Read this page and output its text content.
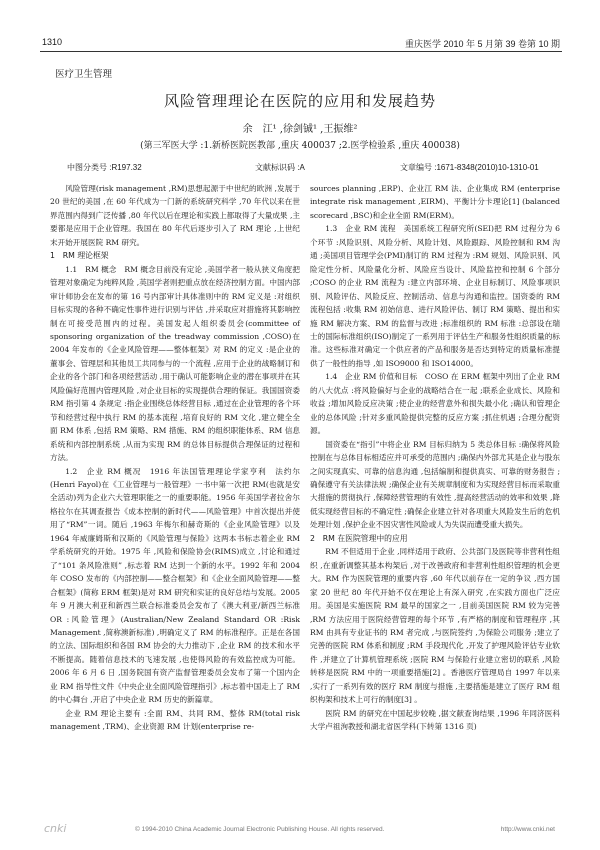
1310	重庆医学 2010 年 5 月第 39 卷第 10 期
医疗卫生管理
风险管理理论在医院的应用和发展趋势
余　江¹ ,徐剑铖¹ ,王振维²
(第三军医大学 :1.新桥医院医教部 ,重庆 400037 ;2.医学检验系 ,重庆 400038)
中图分类号 :R197.32	文献标识码 :A	文章编号 :1671-8348(2010)10-1310-01

风险管理(risk management ,RM)思想起源于中世纪的欧洲 ,发展于 20 世纪的美国 ,在 60 年代成为一门新的系统研究科学 ,70 年代以来在世界范围内得到广泛传播 ,80 年代以后在理论和实践上都取得了大量成果 ,主要都是应用于企业管理。我国在 80 年代后逐步引入了 RM 理论 ,上世纪末开始开展医院 RM 研究。

1　RM 理论框架

1.1　RM 概念　RM 概念目前没有定论 ,美国学者一般从狭义角度把管理对象确定为纯粹风险 ,英国学者则把重点放在经济控制方面。中国内部审计师协会在发布的第 16 号内部审计具体准则中的 RM 定义是 :对组织目标实现的各种不确定性事件进行识别与评估 ,并采取应对措施将其影响控制在可接受范围内的过程。美国发起人组织委员会(committee of sponsoring organization of the treadway commission ,COSO)在 2004 年发布的《企业风险管理——整体框架》对 RM 的定义 :是企业的董事会、管理层和其他员工共同参与的一个流程 ,应用于企业的战略制订和企业的各个部门和各项经营活动 ,用于确认可能影响企业的潜在事项并在其风险偏好范围内管理风险 ,对企业目标的实现提供合理的保证。我国国资委 RM 指引第 4 条规定 :指企业围绕总体经营目标 ,通过在企业管理的各个环节和经营过程中执行 RM 的基本流程 ,培育良好的 RM 文化 ,建立健全全面 RM 体系 ,包括 RM 策略、RM 措施、RM 的组织职能体系、RM 信息系统和内部控制系统 ,从而为实现 RM 的总体目标提供合理保证的过程和方法。

1.2　企业 RM 概况　1916 年法国管理理论学家亨利　法约尔(Henri Fayol)在《工业管理与一般管理》一书中第一次把 RM(也就是安全活动)列为企业六大管理职能之一的重要职能。1956 年美国学者拉舍尔　格拉尔在其调查报告《成本控制的新时代——风险管理》中首次提出并使用了“RM”一词。随后 ,1963 年梅尔和赫奇斯的《企业风险管理》以及 1964 年威廉姆斯和汉斯的《风险管理与保险》这两本书标志着企业 RM 学系统研究的开始。1975 年 ,风险和保险协会(RIMS)成立 ,讨论和通过了“101 条风险准则” ,标志着 RM 达到一个新的水平。1992 年和 2004 年 COSO 发布的《内部控制——整合框架》和《企业全面风险管理——整合框架》(简称 ERM 框架)是对 RM 研究和实证的良好总结与发展。2005 年 9 月澳大利亚和新西兰联合标准委员会发布了《澳大利亚/新西兰标准 OR :风险管理》(Australian/New Zealand Standard OR :Risk Management ,简称澳新标准) ,明确定义了 RM 的标准程序。正是在各国的立法、国际组织和各国 RM 协会的大力推动下 ,企业 RM 的技术和水平不断提高。随着信息技术的飞速发展 ,也使得风险的有效监控成为可能。2006 年 6 月 6 日 ,国务院国有资产监督管理委员会发布了第一个国内企业 RM 指导性文件《中央企业全面风险管理指引》,标志着中国走上了 RM 的中心舞台 ,开启了中央企业 RM 历史的新篇章。

企业 RM 理论主要有 :全面 RM、共同 RM、整体 RM(total risk management ,TRM)、企业资源 RM 计划(enterprise re-

sources planning ,ERP)、企业江 RM 法、企业集成 RM (enterprise integrate risk management ,EIRM)、平衡计分卡理论[1] (balanced scorecard ,BSC)和企业全面 RM(ERM)。

1.3　企业 RM 流程　美国系统工程研究所(SEI)把 RM 过程分为 6 个环节 :风险识别、风险分析、风险计划、风险跟踪、风险控制和 RM 沟通 ;美国项目管理学会(PMI)制订的 RM 过程为 :RM 规划、风险识别、风险定性分析、风险量化分析、风险应当设计、风险监控和控制 6 个部分 ;COSO 的企业 RM 流程为 :建立内部环境、企业目标制订、风险事项识别、风险评估、风险反应、控制活动、信息与沟通和监控。国资委的 RM 流程包括 :收集 RM 初始信息、进行风险评估、制订 RM 策略、提出和实施 RM 解决方案、RM 的监督与改进 ;标准组织的 RM 标准 :总部设在瑞士的国际标准组织(ISO)制定了一系列用于评估生产和服务性组织质量的标准。这些标准对确定一个供应者的产品和服务是否达到特定的质量标准提供了一般性的指导 ,如 ISO9000 和 ISO14000。

1.4　企业 RM 价值和目标　COSO 在 ERM 框架中列出了企业 RM 的八大优点 :将风险偏好与企业的战略结合在一起 ;联系企业成长、风险和收益 ;增加风险反应决策 ;使企业的经营意外和损失最小化 ;确认和管理企业的总体风险 ;针对多重风险提供完整的反应方案 ;抓住机遇 ;合理分配资源。

国资委在“指引”中将企业 RM 目标归纳为 5 类总体目标 :确保将风险控制在与总体目标相适应并可承受的范围内 ;确保内外部尤其是企业与股东之间实现真实、可靠的信息沟通 ,包括编制和提供真实、可靠的财务报告 ;确保遵守有关法律法规 ;确保企业有关规章制度和为实现经营目标而采取重大措施的贯彻执行 ,保障经营管理的有效性 ,提高经营活动的效率和效果 ,降低实现经营目标的不确定性 ;确保企业建立针对各项重大风险发生后的危机处理计划 ,保护企业不因灾害性风险或人为失误而遭受重大损失。

2　RM 在医院管理中的应用

RM 不但适用于企业 ,同样适用于政府、公共部门及医院等非营利性组织 ,在重新调整其基本构架后 ,对于改善政府和非营利性组织管理的机会更大。RM 作为医院管理的重要内容 ,60 年代以前存在一定的争议 ,西方国家 20 世纪 80 年代开始不仅在理论上有深入研究 ,在实践方面也广泛应用。美国是实施医院 RM 最早的国家之一 ,目前美国医院 RM 较为完善 ,RM 方法应用于医院经营管理的每个环节 ,有严格的制度和管理程序 ,其 RM 由具有专业证书的 RM 者完成 ,与医院签约 ,为保险公司服务 ;建立了完善的医院 RM 体系和制度 ;RM 手段现代化 ,开发了护理风险评估专业软件 ,并建立了计算机管理系统 ;医院 RM 与保险行业建立密切的联系 ,风险转移是医院 RM 中的一项重要措施[2] 。香港医疗管理局自 1997 年以来 ,实行了一系列有效的医疗 RM 制度与措施 ,主要措施是建立了医疗 RM 组织构架和技术上可行的制度[3] 。

医院 RM 的研究在中国起步较晚 ,据文献查询结果 ,1996 年同济医科大学卢祖洵教授和湖北省医学科(下转第 1316 页)

cnki	© 1994-2010 China Academic Journal Electronic Publishing House. All rights reserved.	http://www.cnki.net
